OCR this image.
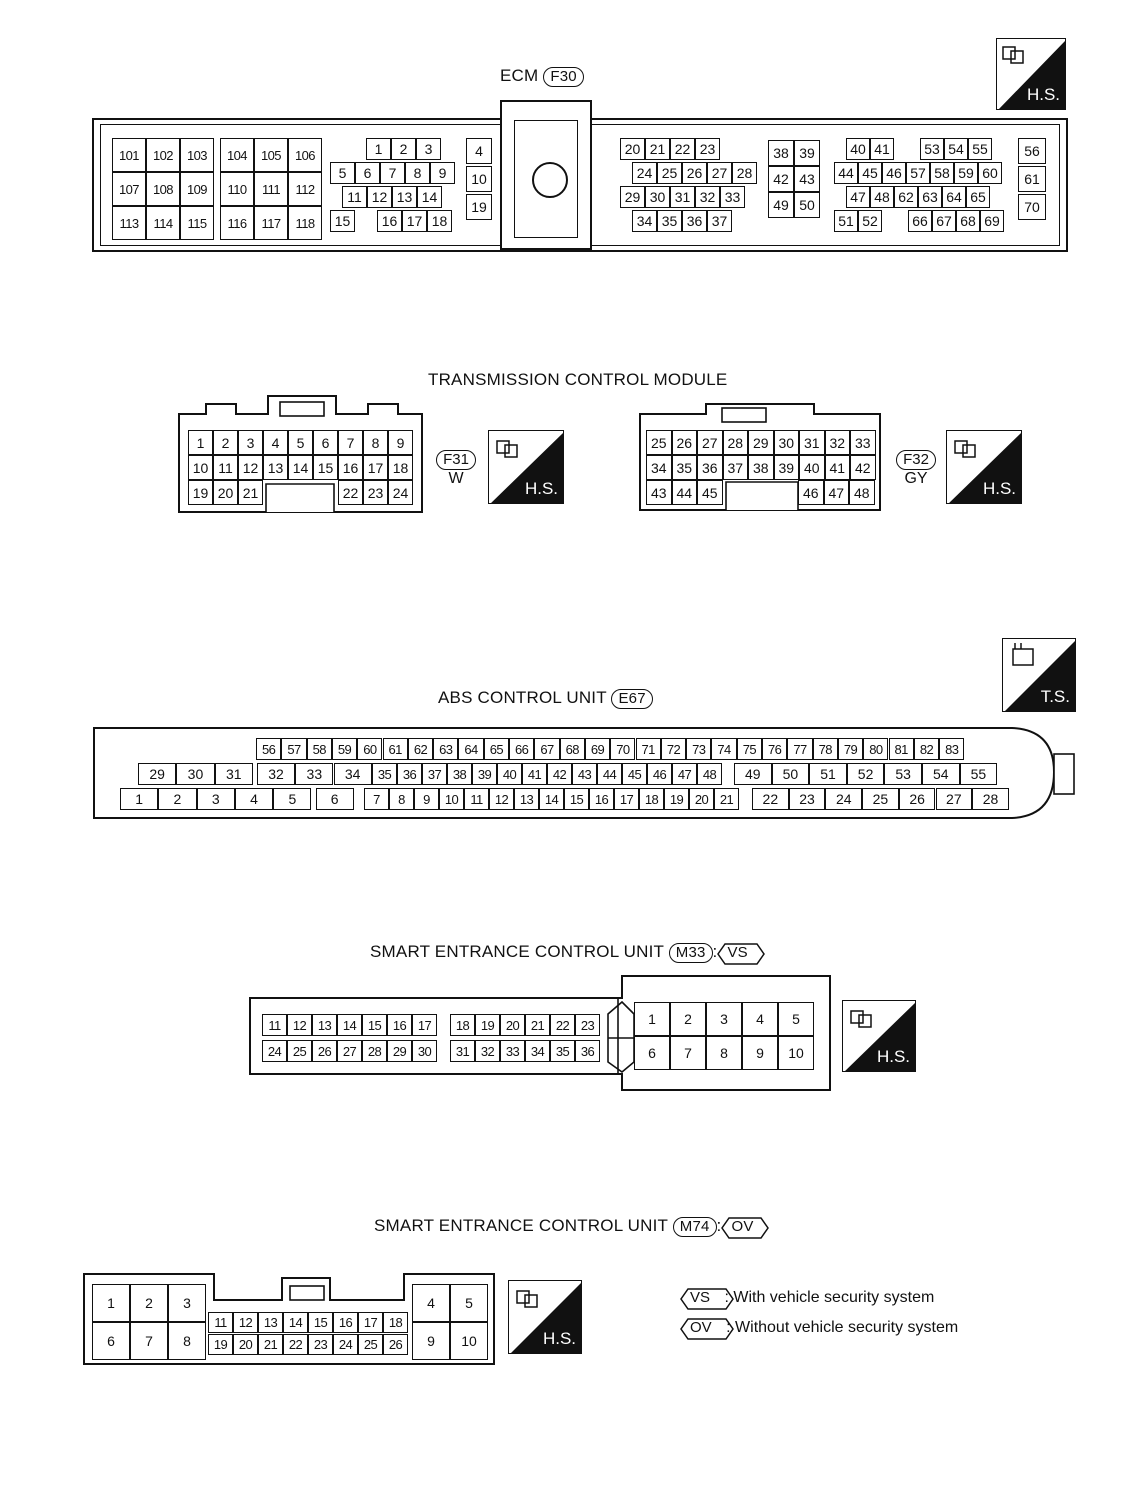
ECM F30
H.S.
101	102	103
107	108	109
113	114	115
104	105	106
110	111	112
116	117	118
1	2	3
5	6	7	8	9
11 12 13 14
15	16 17 18
4
10
19
20 21 22 23
24 25 26 27 28
29 30 31 32 33
34 35 36 37
38 39
42 43
49 50
40 41	53 54 55
44 45 46 57 58 59 60
47 48 62 63 64 65
51 52	66 67 68 69
56
61
70
TRANSMISSION CONTROL MODULE
1	2	3	4	5	6	7	8	9
10 11 12 13 14 15 16 17 18
19 20 21	22 23 24
F31
W
H.S.
25 26 27 28 29 30 31 32 33
34 35 36 37 38 39 40 41 42
43 44 45	46 47 48
F32
GY
H.S.
ABS CONTROL UNIT E67	T.S.
56 57 58 59 60 61 62 63 64 65 66 67 68 69 70 71 72 73 74 75 76 77 78 79 80 81 82 83
29	30	31	32	33	34	35 36 37 38 39 40 41 42 43 44 45 46 47 48	49	50	51	52	53	54	55
1	2	3	4	5	6	7	8	9	10 11 12 13 14 15 16 17 18 19 20 21	22	23	24	25	26	27	28
SMART ENTRANCE CONTROL UNIT M33 : VS
11 12 13 14 15 16 17	18 19 20 21 22 23
24 25 26 27 28 29 30	31 32 33 34 35 36
1	2	3	4	5
6	7	8	9	10	H.S.
SMART ENTRANCE CONTROL UNIT M74 : OV
1	2	3
6	7	8
4	5
9	10
11 12 13 14 15 16 17 18
19 20 21 22 23 24 25 26	H.S.
VS : With vehicle security system
OV : Without vehicle security system
